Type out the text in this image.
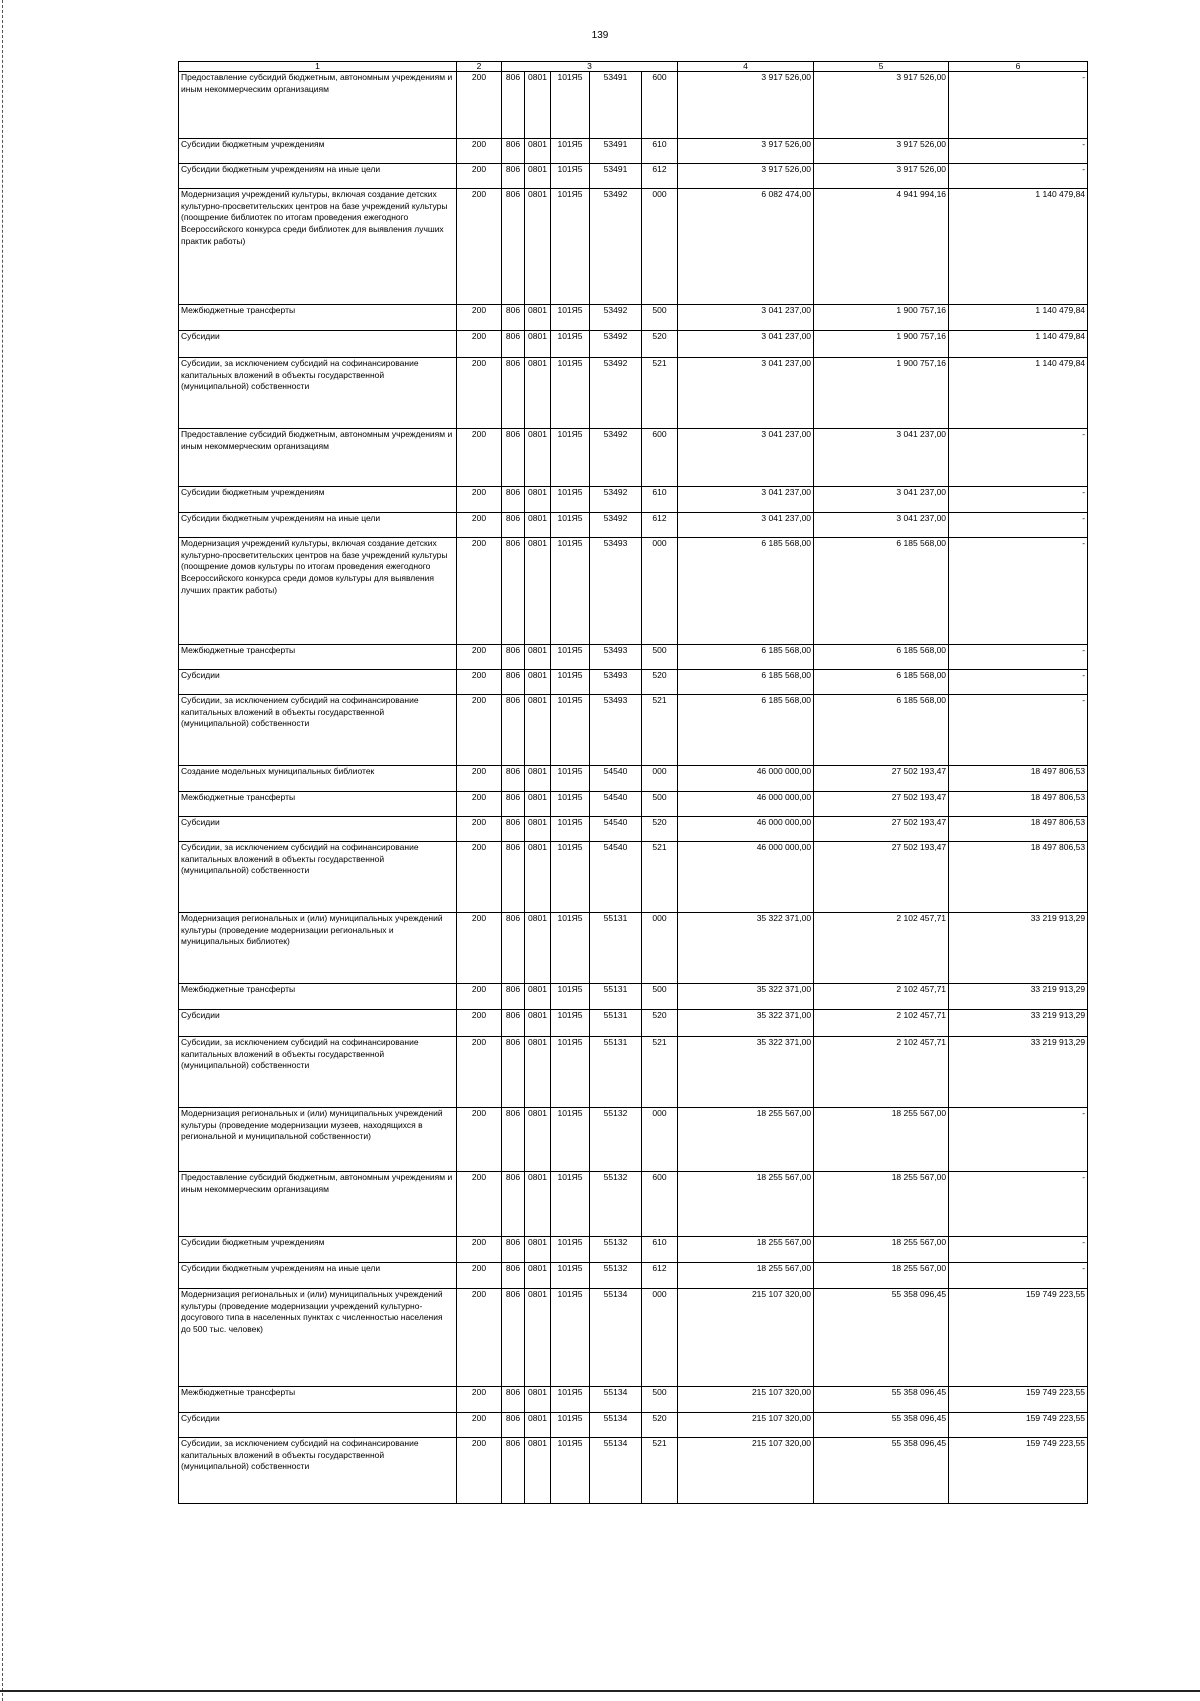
139
1	2	3					4	5	6
Предоставление субсидий бюджетным, автономным учреждениям и иным некоммерческим организациям	200	806	0801	101Я5	53491	600	3 917 526,00	3 917 526,00	-
Субсидии бюджетным учреждениям	200	806	0801	101Я5	53491	610	3 917 526,00	3 917 526,00	-
Субсидии бюджетным учреждениям на иные цели	200	806	0801	101Я5	53491	612	3 917 526,00	3 917 526,00	-
Модернизация учреждений культуры, включая создание детских культурно-просветительских центров на базе учреждений культуры (поощрение библиотек по итогам проведения ежегодного Всероссийского конкурса среди библиотек для выявления лучших практик работы)	200	806	0801	101Я5	53492	000	6 082 474,00	4 941 994,16	1 140 479,84
Межбюджетные трансферты	200	806	0801	101Я5	53492	500	3 041 237,00	1 900 757,16	1 140 479,84
Субсидии	200	806	0801	101Я5	53492	520	3 041 237,00	1 900 757,16	1 140 479,84
Субсидии, за исключением субсидий на софинансирование капитальных вложений в объекты государственной (муниципальной) собственности	200	806	0801	101Я5	53492	521	3 041 237,00	1 900 757,16	1 140 479,84
Предоставление субсидий бюджетным, автономным учреждениям и иным некоммерческим организациям	200	806	0801	101Я5	53492	600	3 041 237,00	3 041 237,00	-
Субсидии бюджетным учреждениям	200	806	0801	101Я5	53492	610	3 041 237,00	3 041 237,00	-
Субсидии бюджетным учреждениям на иные цели	200	806	0801	101Я5	53492	612	3 041 237,00	3 041 237,00	-
Модернизация учреждений культуры, включая создание детских культурно-просветительских центров на базе учреждений культуры (поощрение домов культуры по итогам проведения ежегодного Всероссийского конкурса среди домов культуры для выявления лучших практик работы)	200	806	0801	101Я5	53493	000	6 185 568,00	6 185 568,00	-
Межбюджетные трансферты	200	806	0801	101Я5	53493	500	6 185 568,00	6 185 568,00	-
Субсидии	200	806	0801	101Я5	53493	520	6 185 568,00	6 185 568,00	-
Субсидии, за исключением субсидий на софинансирование капитальных вложений в объекты государственной (муниципальной) собственности	200	806	0801	101Я5	53493	521	6 185 568,00	6 185 568,00	-
Создание модельных муниципальных библиотек	200	806	0801	101Я5	54540	000	46 000 000,00	27 502 193,47	18 497 806,53
Межбюджетные трансферты	200	806	0801	101Я5	54540	500	46 000 000,00	27 502 193,47	18 497 806,53
Субсидии	200	806	0801	101Я5	54540	520	46 000 000,00	27 502 193,47	18 497 806,53
Субсидии, за исключением субсидий на софинансирование капитальных вложений в объекты государственной (муниципальной) собственности	200	806	0801	101Я5	54540	521	46 000 000,00	27 502 193,47	18 497 806,53
Модернизация региональных и (или) муниципальных учреждений культуры (проведение модернизации региональных и муниципальных библиотек)	200	806	0801	101Я5	55131	000	35 322 371,00	2 102 457,71	33 219 913,29
Межбюджетные трансферты	200	806	0801	101Я5	55131	500	35 322 371,00	2 102 457,71	33 219 913,29
Субсидии	200	806	0801	101Я5	55131	520	35 322 371,00	2 102 457,71	33 219 913,29
Субсидии, за исключением субсидий на софинансирование капитальных вложений в объекты государственной (муниципальной) собственности	200	806	0801	101Я5	55131	521	35 322 371,00	2 102 457,71	33 219 913,29
Модернизация региональных и (или) муниципальных учреждений культуры (проведение модернизации музеев, находящихся в региональной и муниципальной собственности)	200	806	0801	101Я5	55132	000	18 255 567,00	18 255 567,00	-
Предоставление субсидий бюджетным, автономным учреждениям и иным некоммерческим организациям	200	806	0801	101Я5	55132	600	18 255 567,00	18 255 567,00	-
Субсидии бюджетным учреждениям	200	806	0801	101Я5	55132	610	18 255 567,00	18 255 567,00	-
Субсидии бюджетным учреждениям на иные цели	200	806	0801	101Я5	55132	612	18 255 567,00	18 255 567,00	-
Модернизация региональных и (или) муниципальных учреждений культуры (проведение модернизации учреждений культурно-досугового типа в населенных пунктах с численностью населения до 500 тыс. человек)	200	806	0801	101Я5	55134	000	215 107 320,00	55 358 096,45	159 749 223,55
Межбюджетные трансферты	200	806	0801	101Я5	55134	500	215 107 320,00	55 358 096,45	159 749 223,55
Субсидии	200	806	0801	101Я5	55134	520	215 107 320,00	55 358 096,45	159 749 223,55
Субсидии, за исключением субсидий на софинансирование капитальных вложений в объекты государственной (муниципальной) собственности	200	806	0801	101Я5	55134	521	215 107 320,00	55 358 096,45	159 749 223,55
